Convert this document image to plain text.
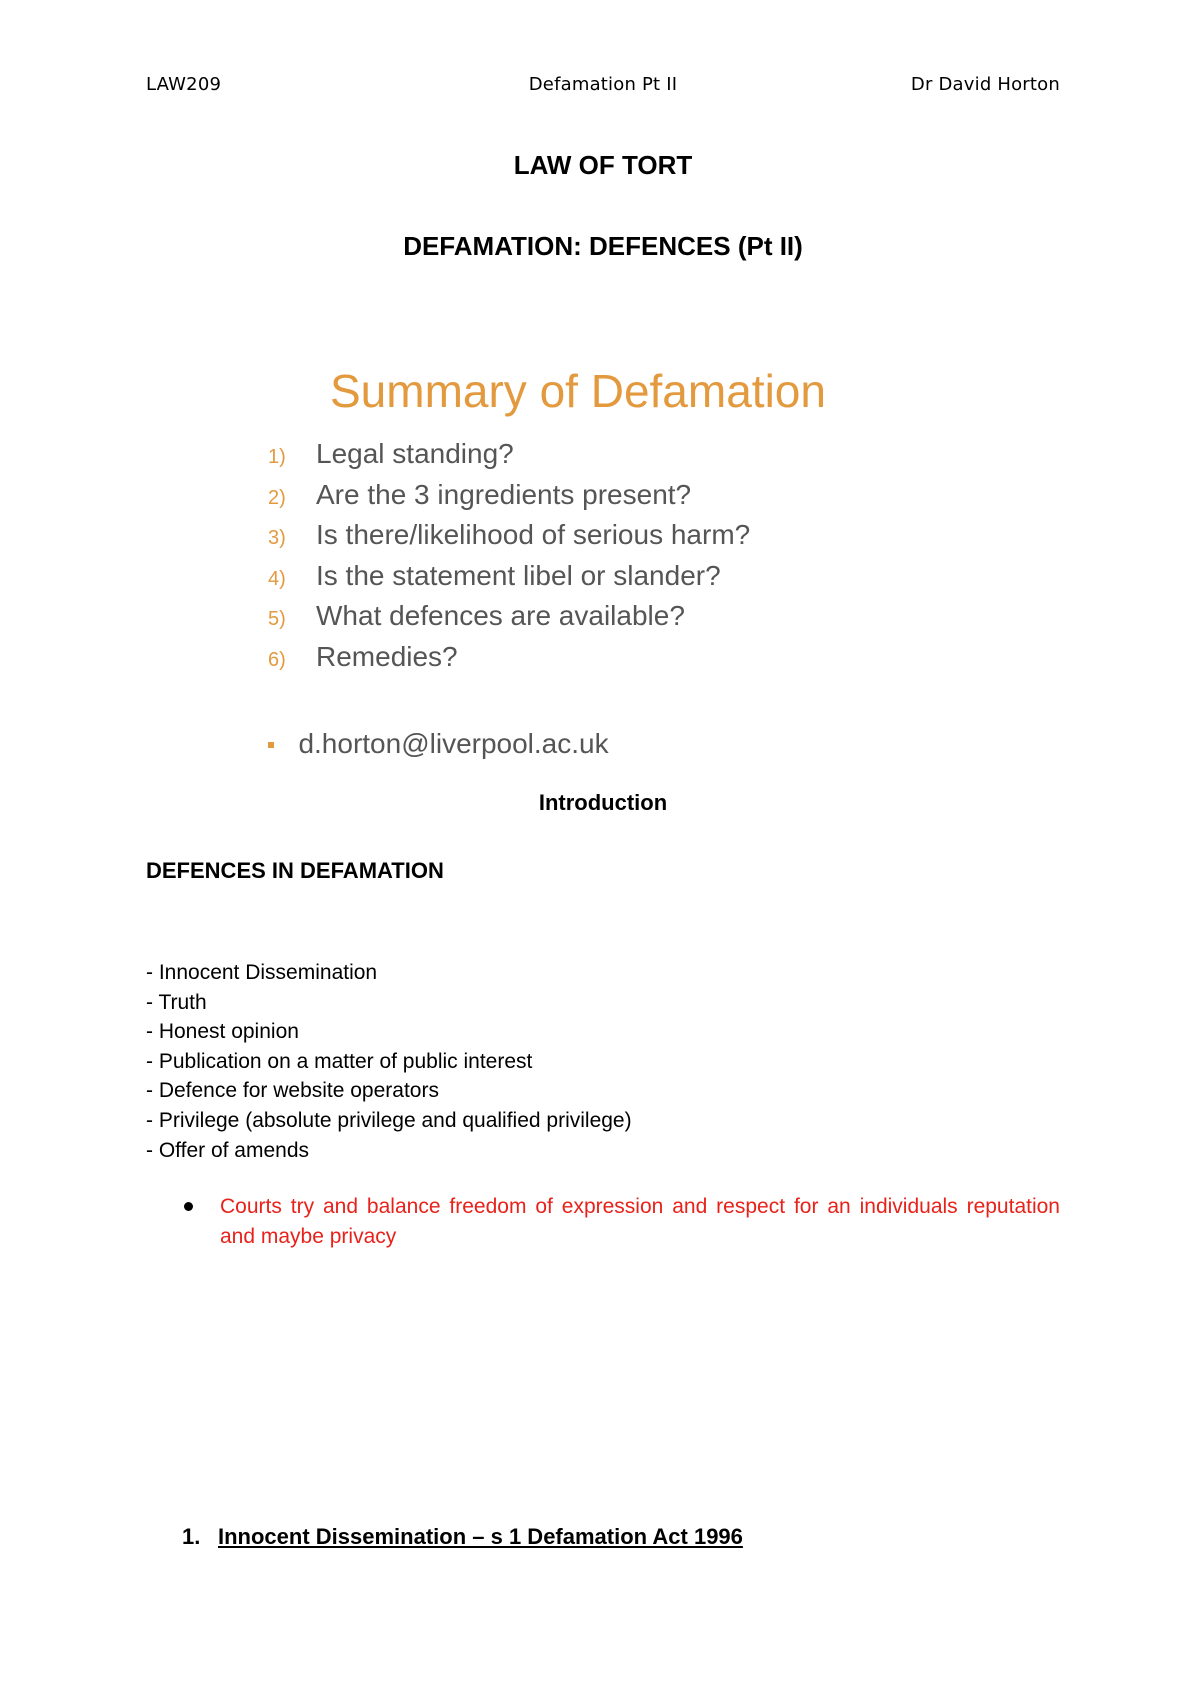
LAW209	Defamation Pt II	Dr David Horton
LAW OF TORT
DEFAMATION: DEFENCES (Pt II)
Summary of Defamation
1) Legal standing?
2) Are the 3 ingredients present?
3) Is there/likelihood of serious harm?
4) Is the statement libel or slander?
5) What defences are available?
6) Remedies?
d.horton@liverpool.ac.uk
Introduction
DEFENCES IN DEFAMATION
- Innocent Dissemination
- Truth
- Honest opinion
- Publication on a matter of public interest
- Defence for website operators
- Privilege (absolute privilege and qualified privilege)
- Offer of amends
Courts try and balance freedom of expression and respect for an individuals reputation and maybe privacy
1. Innocent Dissemination – s 1 Defamation Act 1996
